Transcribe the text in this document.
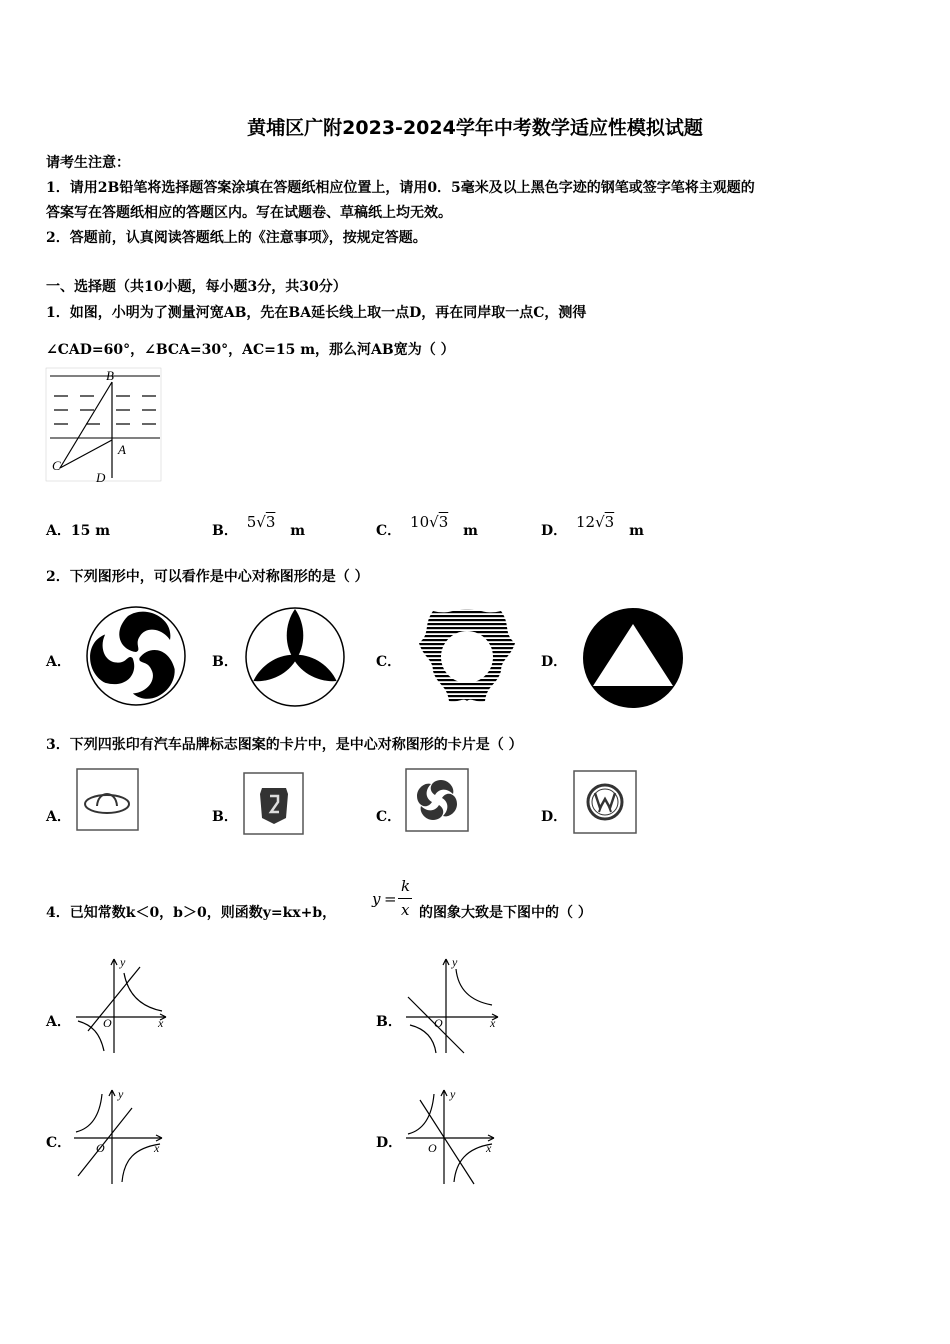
黄埔区广附2023-2024学年中考数学适应性模拟试题
请考生注意：
1．请用2B铅笔将选择题答案涂填在答题纸相应位置上，请用0．5毫米及以上黑色字迹的钢笔或签字笔将主观题的
答案写在答题纸相应的答题区内。写在试题卷、草稿纸上均无效。
2．答题前，认真阅读答题纸上的《注意事项》，按规定答题。
一、选择题（共10小题，每小题3分，共30分）
1．如图，小明为了测量河宽AB，先在BA延长线上取一点D，再在同岸取一点C，测得
∠CAD=60°，∠BCA=30°，AC=15 m，那么河AB宽为（ ）
B
A
C
D
A．15 m	B． 5√3 m	C． 10√3 m	D． 12√3 m
2．下列图形中，可以看作是中心对称图形的是（ ）
A．	B．	C．	D．
3．下列四张印有汽车品牌标志图案的卡片中，是中心对称图形的卡片是（ ）
A．	B．	C．	D．
4．已知常数k＜0，b＞0，则函数y=kx+b，
y =
k
x 的图象大致是下图中的（ ）
A．	x
y
O	B．	x
y
O
C．	x
y
O	D．	x
y
O
